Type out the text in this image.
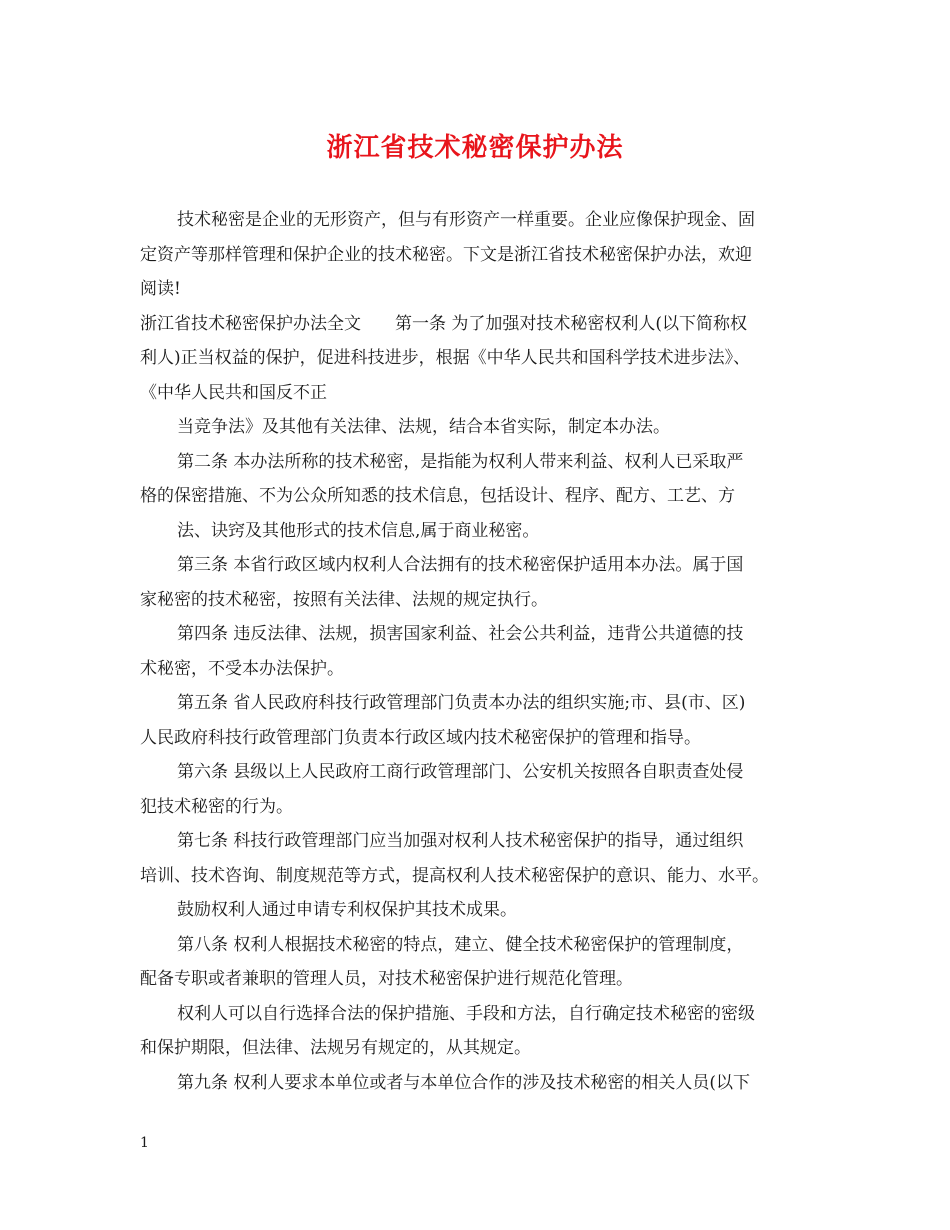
浙江省技术秘密保护办法
技术秘密是企业的无形资产，但与有形资产一样重要。企业应像保护现金、固
定资产等那样管理和保护企业的技术秘密。下文是浙江省技术秘密保护办法，欢迎
阅读!
浙江省技术秘密保护办法全文　　第一条 为了加强对技术秘密权利人(以下简称权
利人)正当权益的保护，促进科技进步，根据《中华人民共和国科学技术进步法》、
《中华人民共和国反不正
当竞争法》及其他有关法律、法规，结合本省实际，制定本办法。
第二条 本办法所称的技术秘密，是指能为权利人带来利益、权利人已采取严
格的保密措施、不为公众所知悉的技术信息，包括设计、程序、配方、工艺、方
法、诀窍及其他形式的技术信息,属于商业秘密。
第三条 本省行政区域内权利人合法拥有的技术秘密保护适用本办法。属于国
家秘密的技术秘密，按照有关法律、法规的规定执行。
第四条 违反法律、法规，损害国家利益、社会公共利益，违背公共道德的技
术秘密，不受本办法保护。
第五条 省人民政府科技行政管理部门负责本办法的组织实施;市、县(市、区)
人民政府科技行政管理部门负责本行政区域内技术秘密保护的管理和指导。
第六条 县级以上人民政府工商行政管理部门、公安机关按照各自职责查处侵
犯技术秘密的行为。
第七条 科技行政管理部门应当加强对权利人技术秘密保护的指导，通过组织
培训、技术咨询、制度规范等方式，提高权利人技术秘密保护的意识、能力、水平。
鼓励权利人通过申请专利权保护其技术成果。
第八条 权利人根据技术秘密的特点，建立、健全技术秘密保护的管理制度，
配备专职或者兼职的管理人员，对技术秘密保护进行规范化管理。
权利人可以自行选择合法的保护措施、手段和方法，自行确定技术秘密的密级
和保护期限，但法律、法规另有规定的，从其规定。
第九条 权利人要求本单位或者与本单位合作的涉及技术秘密的相关人员(以下
1
